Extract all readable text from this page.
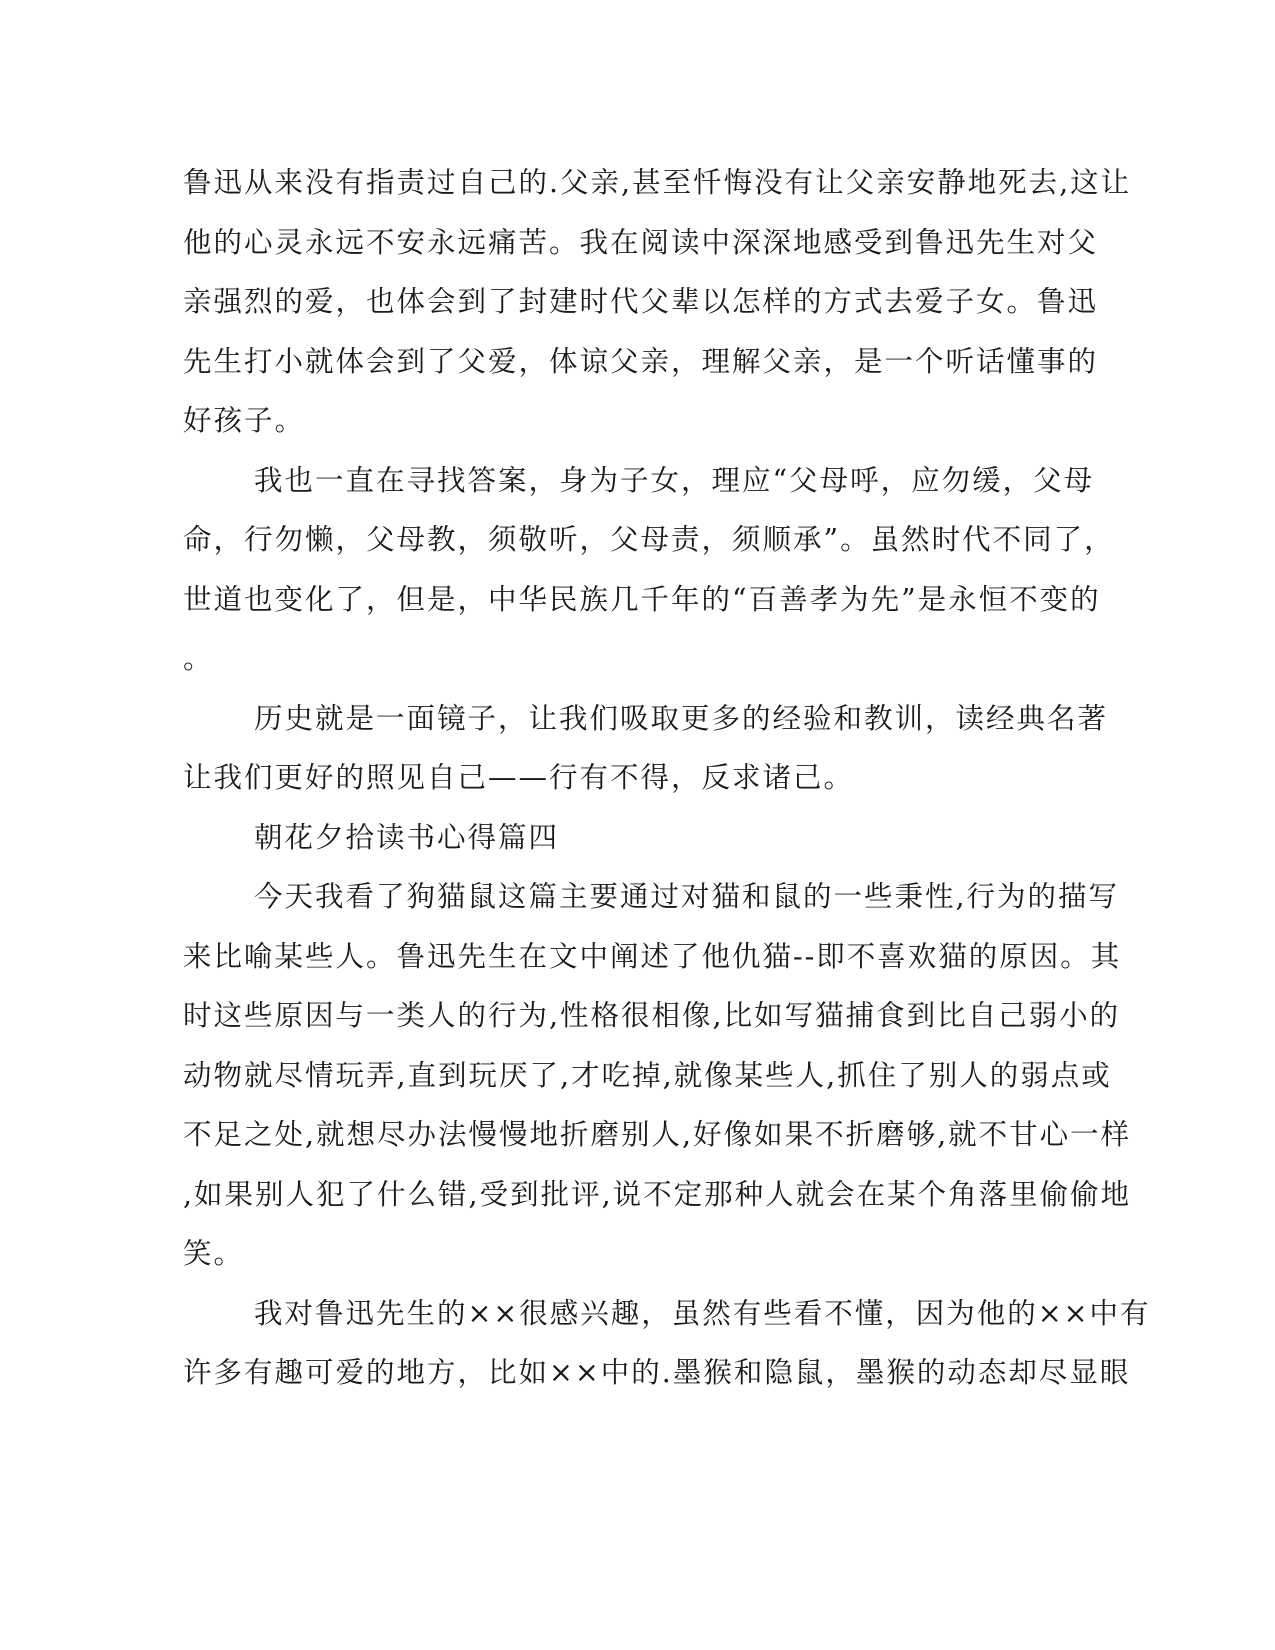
鲁迅从来没有指责过自己的.父亲,甚至忏悔没有让父亲安静地死去,这让
他的心灵永远不安永远痛苦。我在阅读中深深地感受到鲁迅先生对父
亲强烈的爱，也体会到了封建时代父辈以怎样的方式去爱子女。鲁迅
先生打小就体会到了父爱，体谅父亲，理解父亲，是一个听话懂事的
好孩子。
我也一直在寻找答案，身为子女，理应“父母呼，应勿缓，父母
命，行勿懒，父母教，须敬听，父母责，须顺承”。虽然时代不同了，
世道也变化了，但是，中华民族几千年的“百善孝为先”是永恒不变的
。
历史就是一面镜子，让我们吸取更多的经验和教训，读经典名著
让我们更好的照见自己——行有不得，反求诸己。
朝花夕拾读书心得篇四
今天我看了狗猫鼠这篇主要通过对猫和鼠的一些秉性,行为的描写
来比喻某些人。鲁迅先生在文中阐述了他仇猫--即不喜欢猫的原因。其
时这些原因与一类人的行为,性格很相像,比如写猫捕食到比自己弱小的
动物就尽情玩弄,直到玩厌了,才吃掉,就像某些人,抓住了别人的弱点或
不足之处,就想尽办法慢慢地折磨别人,好像如果不折磨够,就不甘心一样
,如果别人犯了什么错,受到批评,说不定那种人就会在某个角落里偷偷地
笑。
我对鲁迅先生的××很感兴趣，虽然有些看不懂，因为他的××中有
许多有趣可爱的地方，比如××中的.墨猴和隐鼠，墨猴的动态却尽显眼
